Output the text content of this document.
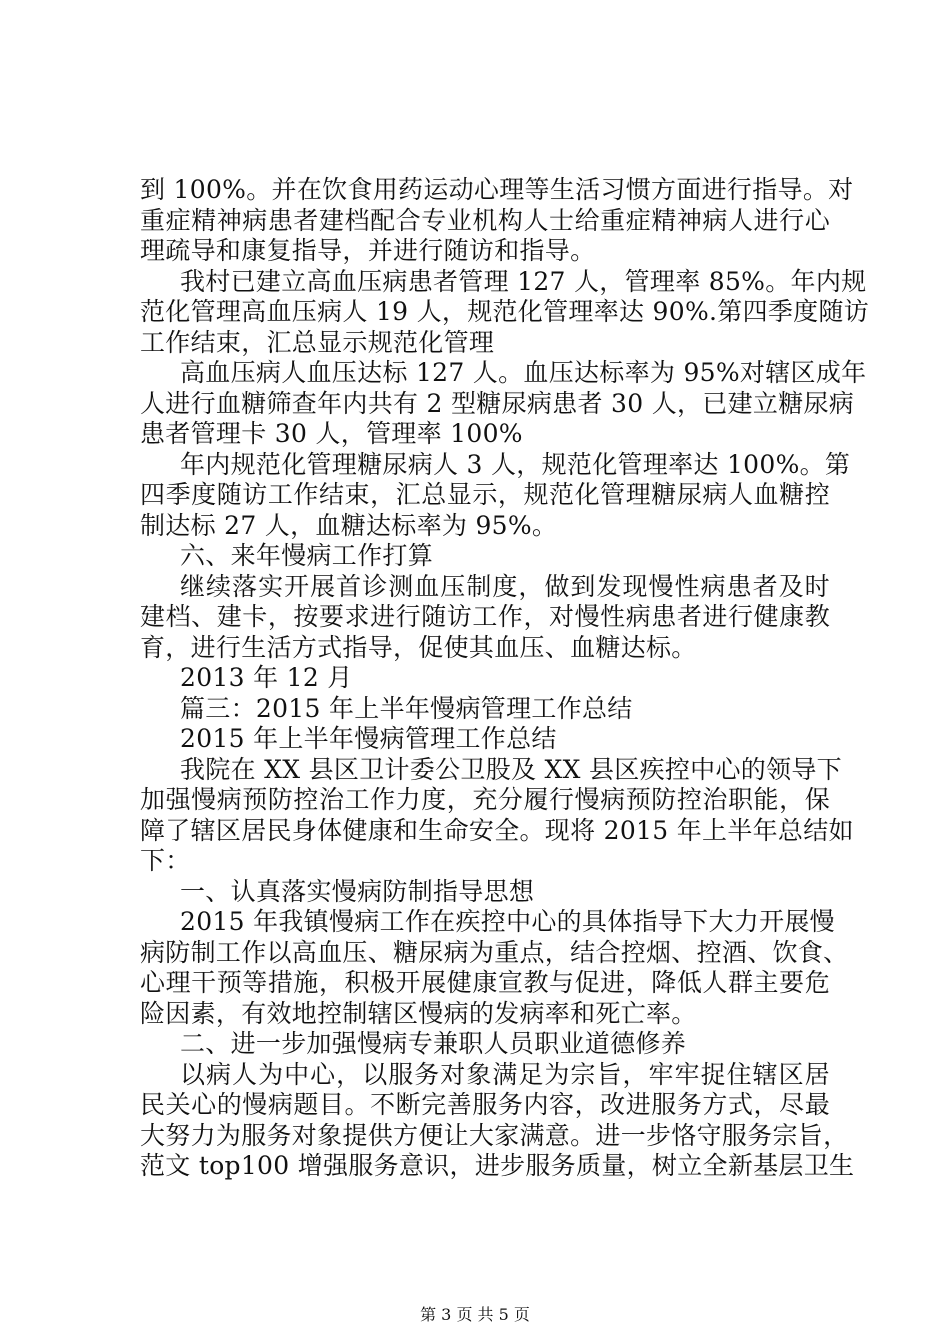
到 100%。并在饮食用药运动心理等生活习惯方面进行指导。对
重症精神病患者建档配合专业机构人士给重症精神病人进行心
理疏导和康复指导，并进行随访和指导。
我村已建立高血压病患者管理 127 人，管理率 85%。年内规
范化管理高血压病人 19 人，规范化管理率达 90%.第四季度随访
工作结束，汇总显示规范化管理
高血压病人血压达标 127 人。血压达标率为 95%对辖区成年
人进行血糖筛查年内共有 2 型糖尿病患者 30 人，已建立糖尿病
患者管理卡 30 人，管理率 100%
年内规范化管理糖尿病人 3 人，规范化管理率达 100%。第
四季度随访工作结束，汇总显示，规范化管理糖尿病人血糖控
制达标 27 人，血糖达标率为 95%。
六、来年慢病工作打算
继续落实开展首诊测血压制度，做到发现慢性病患者及时
建档、建卡，按要求进行随访工作，对慢性病患者进行健康教
育，进行生活方式指导，促使其血压、血糖达标。
2013 年 12 月
篇三：2015 年上半年慢病管理工作总结
2015 年上半年慢病管理工作总结
我院在 XX 县区卫计委公卫股及 XX 县区疾控中心的领导下
加强慢病预防控治工作力度，充分履行慢病预防控治职能，保
障了辖区居民身体健康和生命安全。现将 2015 年上半年总结如
下：
一、认真落实慢病防制指导思想
2015 年我镇慢病工作在疾控中心的具体指导下大力开展慢
病防制工作以高血压、糖尿病为重点，结合控烟、控酒、饮食、
心理干预等措施，积极开展健康宣教与促进，降低人群主要危
险因素，有效地控制辖区慢病的发病率和死亡率。
二、进一步加强慢病专兼职人员职业道德修养
以病人为中心，以服务对象满足为宗旨，牢牢捉住辖区居
民关心的慢病题目。不断完善服务内容，改进服务方式，尽最
大努力为服务对象提供方便让大家满意。进一步恪守服务宗旨，
范文 top100 增强服务意识，进步服务质量，树立全新基层卫生
第 3 页 共 5 页
